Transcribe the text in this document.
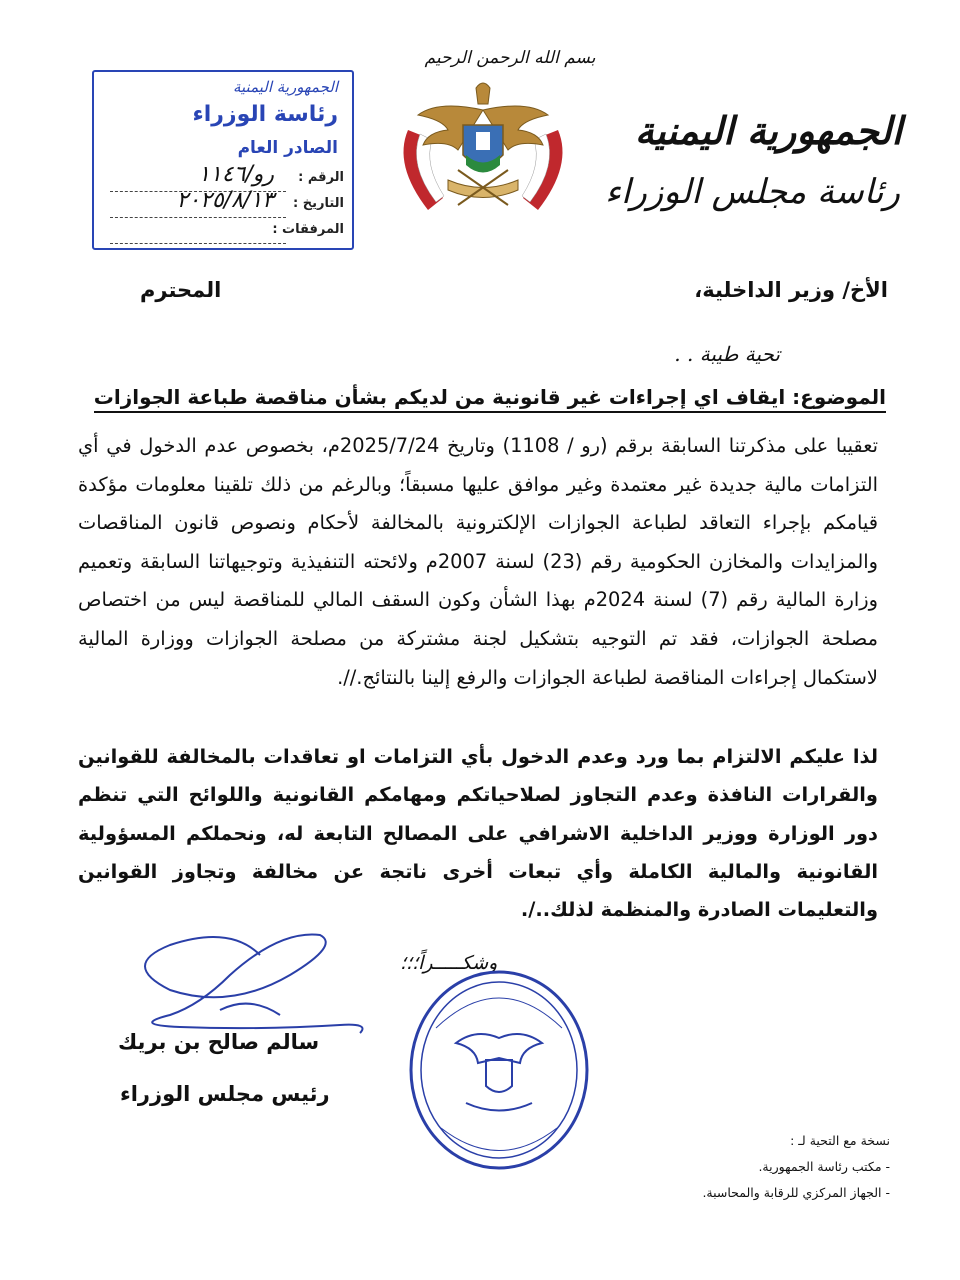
بسم الله الرحمن الرحيم
الجمهورية اليمنية
رئاسة مجلس الوزراء
الجمهورية اليمنية
رئاسة الوزراء
الصادر العام
الرقم :
رو/١١٤٦
التاريخ :
٢٠٢٥/٨/١٣
المرفقات :
الأخ/ وزير الداخلية،
المحترم
تحية طيبة . .
الموضوع: ايقاف اي إجراءات غير قانونية من لديكم بشأن مناقصة طباعة الجوازات
تعقيبا على مذكرتنا السابقة برقم (رو / 1108) وتاريخ 2025/7/24م، بخصوص عدم الدخول في أي التزامات مالية جديدة غير معتمدة وغير موافق عليها مسبقاً؛ وبالرغم من ذلك تلقينا معلومات مؤكدة قيامكم بإجراء التعاقد لطباعة الجوازات الإلكترونية بالمخالفة لأحكام ونصوص قانون المناقصات والمزايدات والمخازن الحكومية رقم (23) لسنة 2007م ولائحته التنفيذية وتوجيهاتنا السابقة وتعميم وزارة المالية رقم (7) لسنة 2024م بهذا الشأن وكون السقف المالي للمناقصة ليس من اختصاص مصلحة الجوازات، فقد تم التوجيه بتشكيل لجنة مشتركة من مصلحة الجوازات ووزارة المالية لاستكمال إجراءات المناقصة لطباعة الجوازات والرفع إلينا بالنتائج.//.
لذا عليكم الالتزام بما ورد وعدم الدخول بأي التزامات او تعاقدات بالمخالفة للقوانين والقرارات النافذة وعدم التجاوز لصلاحياتكم ومهامكم القانونية واللوائح التي تنظم دور الوزارة ووزير الداخلية الاشرافي على المصالح التابعة له، ونحملكم المسؤولية القانونية والمالية الكاملة وأي تبعات أخرى ناتجة عن مخالفة وتجاوز القوانين والتعليمات الصادرة والمنظمة لذلك../.
وشكـــــراً؛؛؛
سالم صالح بن بريك
رئيس مجلس الوزراء
نسخة مع التحية لـ :
- مكتب رئاسة الجمهورية.
- الجهاز المركزي للرقابة والمحاسبة.
